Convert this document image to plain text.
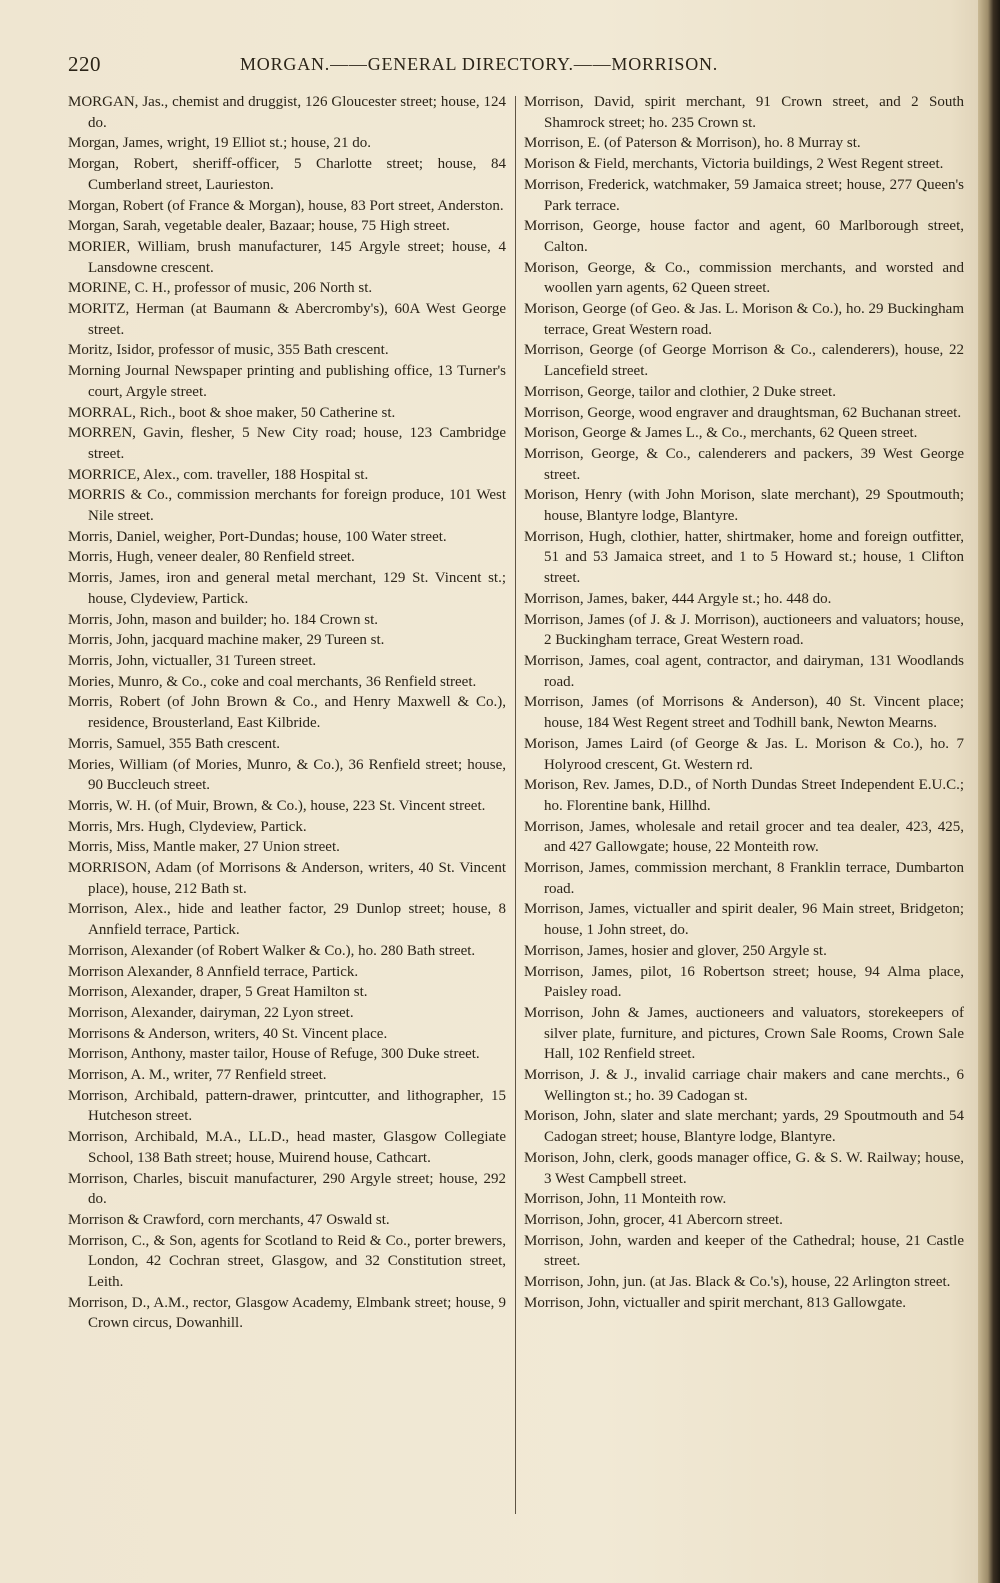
220	MORGAN.——GENERAL DIRECTORY.——MORRISON.

MORGAN, Jas., chemist and druggist, 126 Gloucester street; house, 124 do.

Morgan, James, wright, 19 Elliot st.; house, 21 do.

Morgan, Robert, sheriff-officer, 5 Charlotte street; house, 84 Cumberland street, Laurieston.

Morgan, Robert (of France & Morgan), house, 83 Port street, Anderston.

Morgan, Sarah, vegetable dealer, Bazaar; house, 75 High street.

MORIER, William, brush manufacturer, 145 Argyle street; house, 4 Lansdowne crescent.

MORINE, C. H., professor of music, 206 North st.

MORITZ, Herman (at Baumann & Abercromby's), 60A West George street.

Moritz, Isidor, professor of music, 355 Bath crescent.

Morning Journal Newspaper printing and publishing office, 13 Turner's court, Argyle street.

MORRAL, Rich., boot & shoe maker, 50 Catherine st.

MORREN, Gavin, flesher, 5 New City road; house, 123 Cambridge street.

MORRICE, Alex., com. traveller, 188 Hospital st.

MORRIS & Co., commission merchants for foreign produce, 101 West Nile street.

Morris, Daniel, weigher, Port-Dundas; house, 100 Water street.

Morris, Hugh, veneer dealer, 80 Renfield street.

Morris, James, iron and general metal merchant, 129 St. Vincent st.; house, Clydeview, Partick.

Morris, John, mason and builder; ho. 184 Crown st.

Morris, John, jacquard machine maker, 29 Tureen st.

Morris, John, victualler, 31 Tureen street.

Mories, Munro, & Co., coke and coal merchants, 36 Renfield street.

Morris, Robert (of John Brown & Co., and Henry Maxwell & Co.), residence, Brousterland, East Kilbride.

Morris, Samuel, 355 Bath crescent.

Mories, William (of Mories, Munro, & Co.), 36 Renfield street; house, 90 Buccleuch street.

Morris, W. H. (of Muir, Brown, & Co.), house, 223 St. Vincent street.

Morris, Mrs. Hugh, Clydeview, Partick.

Morris, Miss, Mantle maker, 27 Union street.

MORRISON, Adam (of Morrisons & Anderson, writers, 40 St. Vincent place), house, 212 Bath st.

Morrison, Alex., hide and leather factor, 29 Dunlop street; house, 8 Annfield terrace, Partick.

Morrison, Alexander (of Robert Walker & Co.), ho. 280 Bath street.

Morrison Alexander, 8 Annfield terrace, Partick.

Morrison, Alexander, draper, 5 Great Hamilton st.

Morrison, Alexander, dairyman, 22 Lyon street.

Morrisons & Anderson, writers, 40 St. Vincent place.

Morrison, Anthony, master tailor, House of Refuge, 300 Duke street.

Morrison, A. M., writer, 77 Renfield street.

Morrison, Archibald, pattern-drawer, printcutter, and lithographer, 15 Hutcheson street.

Morrison, Archibald, M.A., LL.D., head master, Glasgow Collegiate School, 138 Bath street; house, Muirend house, Cathcart.

Morrison, Charles, biscuit manufacturer, 290 Argyle street; house, 292 do.

Morrison & Crawford, corn merchants, 47 Oswald st.

Morrison, C., & Son, agents for Scotland to Reid & Co., porter brewers, London, 42 Cochran street, Glasgow, and 32 Constitution street, Leith.

Morrison, D., A.M., rector, Glasgow Academy, Elmbank street; house, 9 Crown circus, Dowanhill.

Morrison, David, spirit merchant, 91 Crown street, and 2 South Shamrock street; ho. 235 Crown st.

Morrison, E. (of Paterson & Morrison), ho. 8 Murray st.

Morison & Field, merchants, Victoria buildings, 2 West Regent street.

Morrison, Frederick, watchmaker, 59 Jamaica street; house, 277 Queen's Park terrace.

Morrison, George, house factor and agent, 60 Marlborough street, Calton.

Morison, George, & Co., commission merchants, and worsted and woollen yarn agents, 62 Queen street.

Morison, George (of Geo. & Jas. L. Morison & Co.), ho. 29 Buckingham terrace, Great Western road.

Morrison, George (of George Morrison & Co., calenderers), house, 22 Lancefield street.

Morrison, George, tailor and clothier, 2 Duke street.

Morrison, George, wood engraver and draughtsman, 62 Buchanan street.

Morison, George & James L., & Co., merchants, 62 Queen street.

Morrison, George, & Co., calenderers and packers, 39 West George street.

Morison, Henry (with John Morison, slate merchant), 29 Spoutmouth; house, Blantyre lodge, Blantyre.

Morrison, Hugh, clothier, hatter, shirtmaker, home and foreign outfitter, 51 and 53 Jamaica street, and 1 to 5 Howard st.; house, 1 Clifton street.

Morrison, James, baker, 444 Argyle st.; ho. 448 do.

Morrison, James (of J. & J. Morrison), auctioneers and valuators; house, 2 Buckingham terrace, Great Western road.

Morrison, James, coal agent, contractor, and dairyman, 131 Woodlands road.

Morrison, James (of Morrisons & Anderson), 40 St. Vincent place; house, 184 West Regent street and Todhill bank, Newton Mearns.

Morison, James Laird (of George & Jas. L. Morison & Co.), ho. 7 Holyrood crescent, Gt. Western rd.

Morison, Rev. James, D.D., of North Dundas Street Independent E.U.C.; ho. Florentine bank, Hillhd.

Morrison, James, wholesale and retail grocer and tea dealer, 423, 425, and 427 Gallowgate; house, 22 Monteith row.

Morrison, James, commission merchant, 8 Franklin terrace, Dumbarton road.

Morrison, James, victualler and spirit dealer, 96 Main street, Bridgeton; house, 1 John street, do.

Morrison, James, hosier and glover, 250 Argyle st.

Morrison, James, pilot, 16 Robertson street; house, 94 Alma place, Paisley road.

Morrison, John & James, auctioneers and valuators, storekeepers of silver plate, furniture, and pictures, Crown Sale Rooms, Crown Sale Hall, 102 Renfield street.

Morrison, J. & J., invalid carriage chair makers and cane merchts., 6 Wellington st.; ho. 39 Cadogan st.

Morison, John, slater and slate merchant; yards, 29 Spoutmouth and 54 Cadogan street; house, Blantyre lodge, Blantyre.

Morison, John, clerk, goods manager office, G. & S. W. Railway; house, 3 West Campbell street.

Morrison, John, 11 Monteith row.

Morrison, John, grocer, 41 Abercorn street.

Morrison, John, warden and keeper of the Cathedral; house, 21 Castle street.

Morrison, John, jun. (at Jas. Black & Co.'s), house, 22 Arlington street.

Morrison, John, victualler and spirit merchant, 813 Gallowgate.
